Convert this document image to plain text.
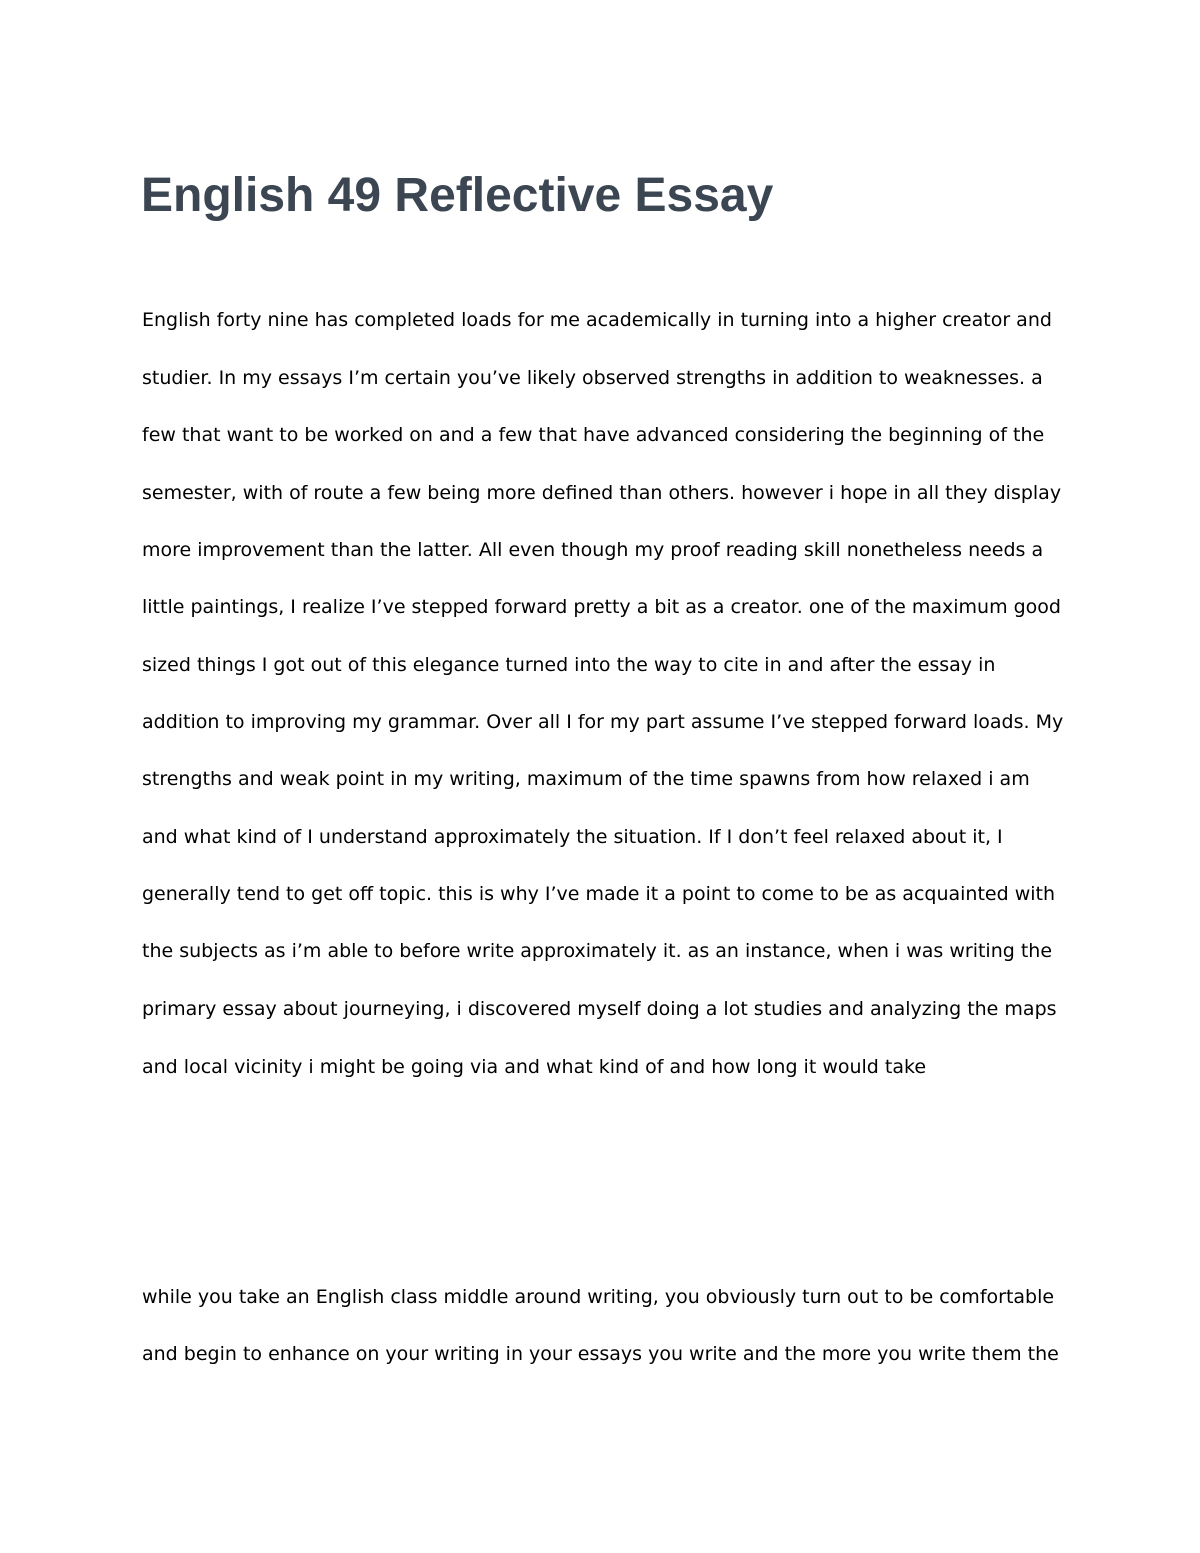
English 49 Reflective Essay

English forty nine has completed loads for me academically in turning into a higher creator and

studier. In my essays I’m certain you’ve likely observed strengths in addition to weaknesses. a

few that want to be worked on and a few that have advanced considering the beginning of the

semester, with of route a few being more defined than others. however i hope in all they display

more improvement than the latter. All even though my proof reading skill nonetheless needs a

little paintings, I realize I’ve stepped forward pretty a bit as a creator. one of the maximum good

sized things I got out of this elegance turned into the way to cite in and after the essay in

addition to improving my grammar. Over all I for my part assume I’ve stepped forward loads. My

strengths and weak point in my writing, maximum of the time spawns from how relaxed i am

and what kind of I understand approximately the situation. If I don’t feel relaxed about it, I

generally tend to get off topic. this is why I’ve made it a point to come to be as acquainted with

the subjects as i’m able to before write approximately it. as an instance, when i was writing the

primary essay about journeying, i discovered myself doing a lot studies and analyzing the maps

and local vicinity i might be going via and what kind of and how long it would take

while you take an English class middle around writing, you obviously turn out to be comfortable

and begin to enhance on your writing in your essays you write and the more you write them the
